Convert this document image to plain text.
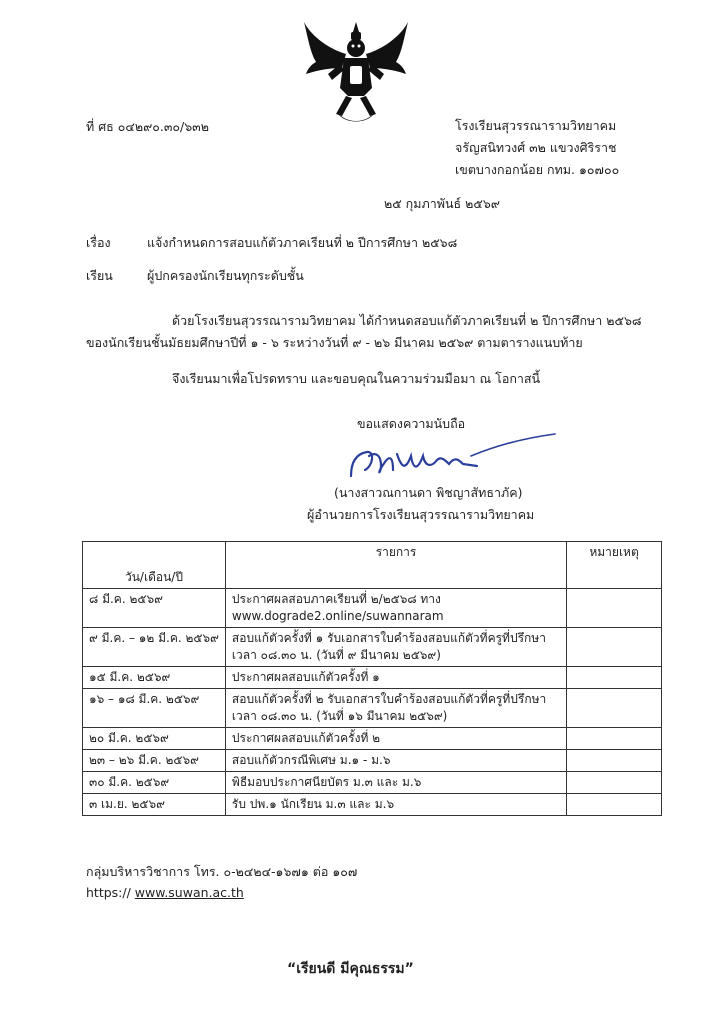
ที่ ศธ ๐๔๒๙๐.๓๐/๖๓๒	โรงเรียนสุวรรณารามวิทยาคม
จรัญสนิทวงศ์ ๓๒ แขวงศิริราช
เขตบางกอกน้อย กทม. ๑๐๗๐๐
๒๕ กุมภาพันธ์ ๒๕๖๙
เรื่อง	แจ้งกำหนดการสอบแก้ตัวภาคเรียนที่ ๒ ปีการศึกษา ๒๕๖๘
เรียน	ผู้ปกครองนักเรียนทุกระดับชั้น
ด้วยโรงเรียนสุวรรณารามวิทยาคม ได้กำหนดสอบแก้ตัวภาคเรียนที่ ๒ ปีการศึกษา ๒๕๖๘
ของนักเรียนชั้นมัธยมศึกษาปีที่ ๑ - ๖ ระหว่างวันที่ ๙ - ๒๖ มีนาคม ๒๕๖๙ ตามตารางแนบท้าย
จึงเรียนมาเพื่อโปรดทราบ และขอบคุณในความร่วมมือมา ณ โอกาสนี้
ขอแสดงความนับถือ
(นางสาวณกานดา พิชญาสัทธาภัค)
ผู้อำนวยการโรงเรียนสุวรรณารามวิทยาคม
วัน/เดือน/ปี	รายการ	หมายเหตุ
๘ มี.ค. ๒๕๖๙	ประกาศผลสอบภาคเรียนที่ ๒/๒๕๖๘ ทาง
www.dograde2.online/suwannaram	

๙ มี.ค. – ๑๒ มี.ค. ๒๕๖๙	สอบแก้ตัวครั้งที่ ๑ รับเอกสารใบคำร้องสอบแก้ตัวที่ครูที่ปรึกษา
เวลา ๐๘.๓๐ น. (วันที่ ๙ มีนาคม ๒๕๖๙)	

๑๕ มี.ค. ๒๕๖๙	ประกาศผลสอบแก้ตัวครั้งที่ ๑	
๑๖ – ๑๘ มี.ค. ๒๕๖๙	สอบแก้ตัวครั้งที่ ๒ รับเอกสารใบคำร้องสอบแก้ตัวที่ครูที่ปรึกษา
เวลา ๐๘.๓๐ น. (วันที่ ๑๖ มีนาคม ๒๕๖๙)	

๒๐ มี.ค. ๒๕๖๙	ประกาศผลสอบแก้ตัวครั้งที่ ๒	
๒๓ – ๒๖ มี.ค. ๒๕๖๙	สอบแก้ตัวกรณีพิเศษ ม.๑ - ม.๖	
๓๐ มี.ค. ๒๕๖๙	พิธีมอบประกาศนียบัตร ม.๓ และ ม.๖	
๓ เม.ย. ๒๕๖๙	รับ ปพ.๑ นักเรียน ม.๓ และ ม.๖	
กลุ่มบริหารวิชาการ โทร. ๐-๒๔๒๔-๑๖๗๑ ต่อ ๑๐๗
https:// www.suwan.ac.th
“เรียนดี มีคุณธรรม”
